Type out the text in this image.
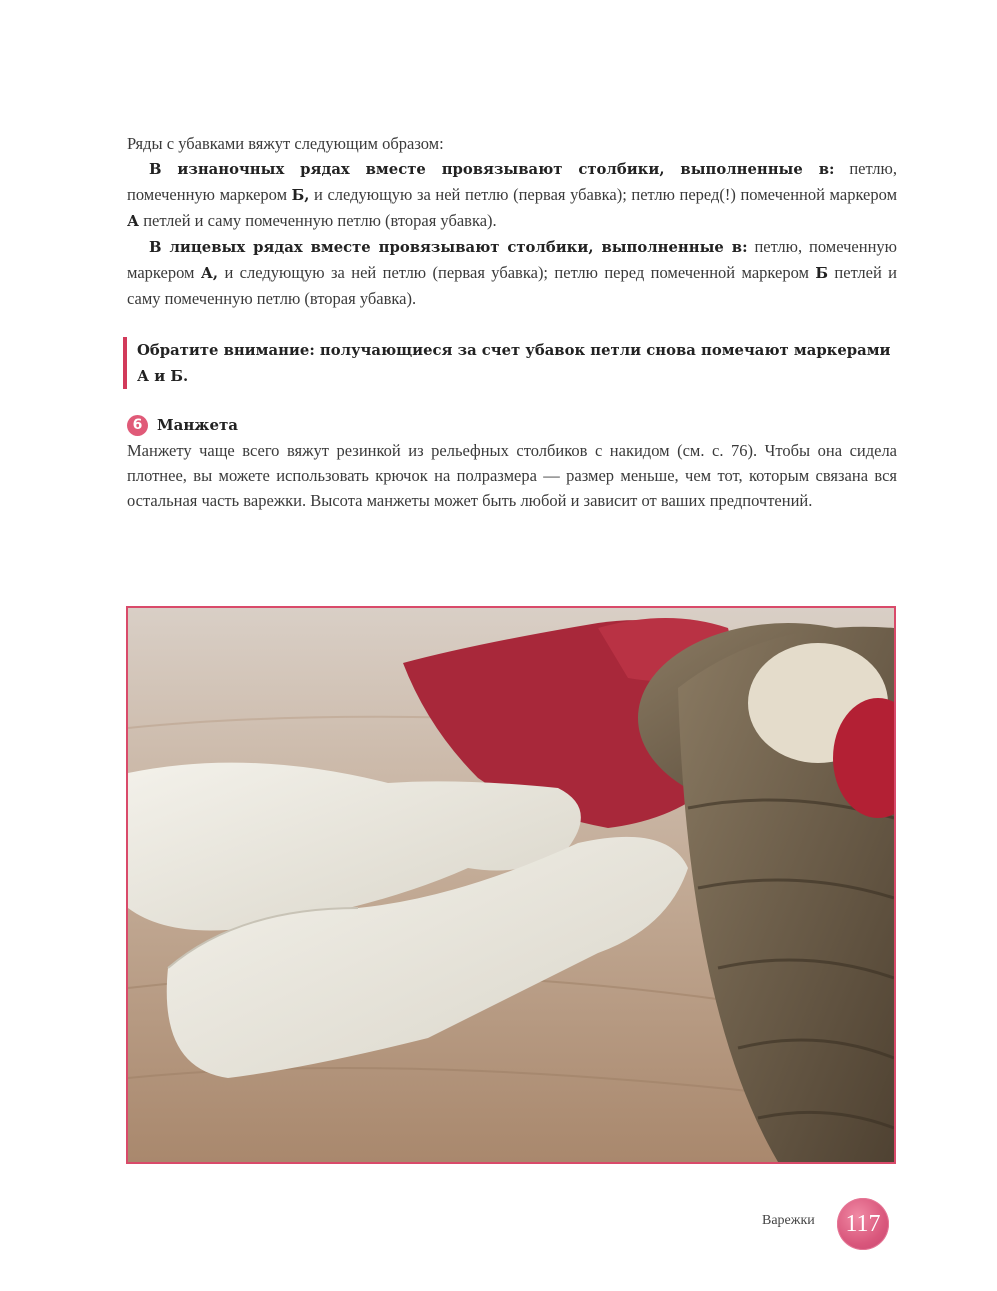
Ряды с убавками вяжут следующим образом:

В изнаночных рядах вместе провязывают столбики, выполненные в: петлю, помеченную маркером Б, и следующую за ней петлю (первая убавка); петлю перед(!) помеченной маркером А петлей и саму помеченную петлю (вторая убавка).

В лицевых рядах вместе провязывают столбики, выполненные в: петлю, помеченную маркером А, и следующую за ней петлю (первая убавка); петлю перед помеченной маркером Б петлей и саму помеченную петлю (вторая убавка).

Обратите внимание: получающиеся за счет убавок петли снова помечают маркерами А и Б.
6 Манжета
Манжету чаще всего вяжут резинкой из рельефных столбиков с накидом (см. с. 76). Чтобы она сидела плотнее, вы можете использовать крючок на полразмера — размер меньше, чем тот, которым связана вся остальная часть варежки. Высота манжеты может быть любой и зависит от ваших предпочтений.
Варежки	117
